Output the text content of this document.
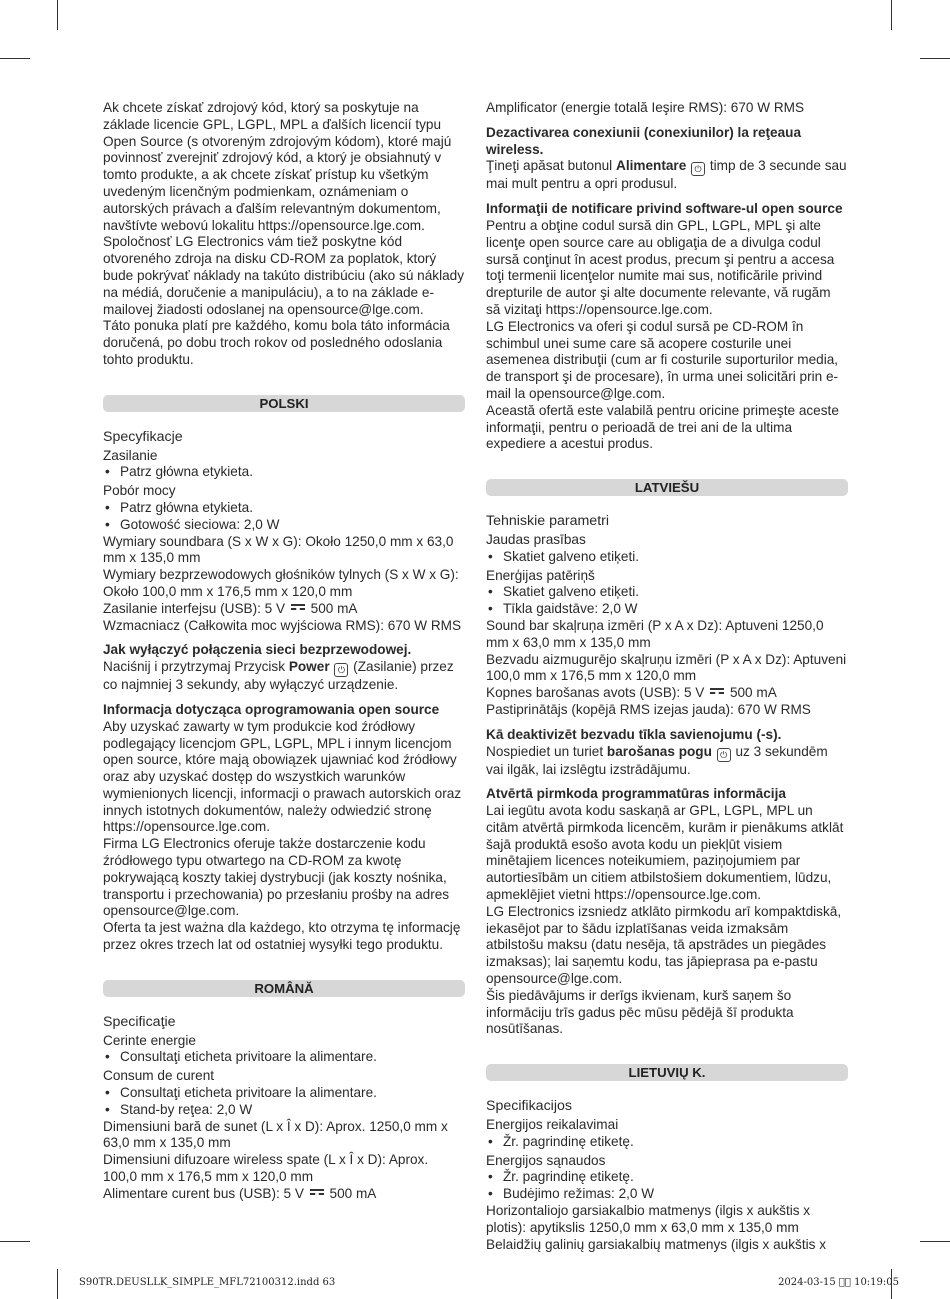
Ak chcete získať zdrojový kód, ktorý sa poskytuje na základe licencie GPL, LGPL, MPL a ďalších licencií typu Open Source (s otvoreným zdrojovým kódom), ktoré majú povinnosť zverejniť zdrojový kód, a ktorý je obsiahnutý v tomto produkte, a ak chcete získať prístup ku všetkým uvedeným licenčným podmienkam, oznámeniam o autorských právach a ďalším relevantným dokumentom, navštívte webovú lokalitu https://opensource.lge.com.

Spoločnosť LG Electronics vám tiež poskytne kód otvoreného zdroja na disku CD-ROM za poplatok, ktorý bude pokrývať náklady na takúto distribúciu (ako sú náklady na médiá, doručenie a manipuláciu), a to na základe e-mailovej žiadosti odoslanej na opensource@lge.com.

Táto ponuka platí pre každého, komu bola táto informácia doručená, po dobu troch rokov od posledného odoslania tohto produktu.

POLSKI

Specyfikacje

Zasilanie

• Patrz główna etykieta.

Pobór mocy

• Patrz główna etykieta.

• Gotowość sieciowa: 2,0 W

Wymiary soundbara (S x W x G): Około 1250,0 mm x 63,0 mm x 135,0 mm

Wymiary bezprzewodowych głośników tylnych (S x W x G): Około 100,0 mm x 176,5 mm x 120,0 mm

Zasilanie interfejsu (USB): 5 V 500 mA

Wzmacniacz (Całkowita moc wyjściowa RMS): 670 W RMS

Jak wyłączyć połączenia sieci bezprzewodowej.

Naciśnij i przytrzymaj Przycisk Power ⏻ (Zasilanie) przez co najmniej 3 sekundy, aby wyłączyć urządzenie.

Informacja dotycząca oprogramowania open source

Aby uzyskać zawarty w tym produkcie kod źródłowy podlegający licencjom GPL, LGPL, MPL i innym licencjom open source, które mają obowiązek ujawniać kod źródłowy oraz aby uzyskać dostęp do wszystkich warunków wymienionych licencji, informacji o prawach autorskich oraz innych istotnych dokumentów, należy odwiedzić stronę https://opensource.lge.com.

Firma LG Electronics oferuje także dostarczenie kodu źródłowego typu otwartego na CD-ROM za kwotę pokrywającą koszty takiej dystrybucji (jak koszty nośnika, transportu i przechowania) po przesłaniu prośby na adres opensource@lge.com.

Oferta ta jest ważna dla każdego, kto otrzyma tę informację przez okres trzech lat od ostatniej wysyłki tego produktu.

ROMÂNĂ

Specificaţie

Cerinte energie

• Consultaţi eticheta privitoare la alimentare.

Consum de curent

• Consultaţi eticheta privitoare la alimentare.

• Stand-by reţea: 2,0 W

Dimensiuni bară de sunet (L x Î x D): Aprox. 1250,0 mm x 63,0 mm x 135,0 mm

Dimensiuni difuzoare wireless spate (L x Î x D): Aprox. 100,0 mm x 176,5 mm x 120,0 mm

Alimentare curent bus (USB): 5 V 500 mA

Amplificator (energie totală Ieşire RMS): 670 W RMS

Dezactivarea conexiunii (conexiunilor) la reţeaua wireless.

Ţineţi apăsat butonul Alimentare ⏻ timp de 3 secunde sau mai mult pentru a opri produsul.

Informaţii de notificare privind software-ul open source

Pentru a obţine codul sursă din GPL, LGPL, MPL şi alte licenţe open source care au obligaţia de a divulga codul sursă conţinut în acest produs, precum şi pentru a accesa toţi termenii licenţelor numite mai sus, notificările privind drepturile de autor şi alte documente relevante, vă rugăm să vizitaţi https://opensource.lge.com.

LG Electronics va oferi şi codul sursă pe CD-ROM în schimbul unei sume care să acopere costurile unei asemenea distribuţii (cum ar fi costurile suporturilor media, de transport şi de procesare), în urma unei solicitări prin e-mail la opensource@lge.com.

Această ofertă este valabilă pentru oricine primeşte aceste informaţii, pentru o perioadă de trei ani de la ultima expediere a acestui produs.

LATVIEŠU

Tehniskie parametri

Jaudas prasības

• Skatiet galveno etiķeti.

Enerģijas patēriņš

• Skatiet galveno etiķeti.

• Tīkla gaidstāve: 2,0 W

Sound bar skaļruņa izmēri (P x A x Dz): Aptuveni 1250,0 mm x 63,0 mm x 135,0 mm

Bezvadu aizmugurējo skaļruņu izmēri (P x A x Dz): Aptuveni 100,0 mm x 176,5 mm x 120,0 mm

Kopnes barošanas avots (USB): 5 V 500 mA

Pastiprinātājs (kopējā RMS izejas jauda): 670 W RMS

Kā deaktivizēt bezvadu tīkla savienojumu (-s).

Nospiediet un turiet barošanas pogu ⏻ uz 3 sekundēm vai ilgāk, lai izslēgtu izstrādājumu.

Atvērtā pirmkoda programmatūras informācija

Lai iegūtu avota kodu saskaņā ar GPL, LGPL, MPL un citām atvērtā pirmkoda licencēm, kurām ir pienākums atklāt šajā produktā esošo avota kodu un piekļūt visiem minētajiem licences noteikumiem, paziņojumiem par autortiesībām un citiem atbilstošiem dokumentiem, lūdzu, apmeklējiet vietni https://opensource.lge.com.

LG Electronics izsniedz atklāto pirmkodu arī kompaktdiskā, iekasējot par to šādu izplatīšanas veida izmaksām atbilstošu maksu (datu nesēja, tā apstrādes un piegādes izmaksas); lai saņemtu kodu, tas jāpieprasa pa e-pastu opensource@lge.com.

Šis piedāvājums ir derīgs ikvienam, kurš saņem šo informāciju trīs gadus pēc mūsu pēdējā šī produkta nosūtīšanas.

LIETUVIŲ K.

Specifikacijos

Energijos reikalavimai

• Žr. pagrindinę etiketę.

Energijos sąnaudos

• Žr. pagrindinę etiketę.

• Budėjimo režimas: 2,0 W

Horizontaliojo garsiakalbio matmenys (ilgis x aukštis x plotis): apytikslis 1250,0 mm x 63,0 mm x 135,0 mm

Belaidžių galinių garsiakalbių matmenys (ilgis x aukštis x

S90TR.DEUSLLK_SIMPLE_MFL72100312.indd 63	2024-03-15 ￿￿ 10:19:05
